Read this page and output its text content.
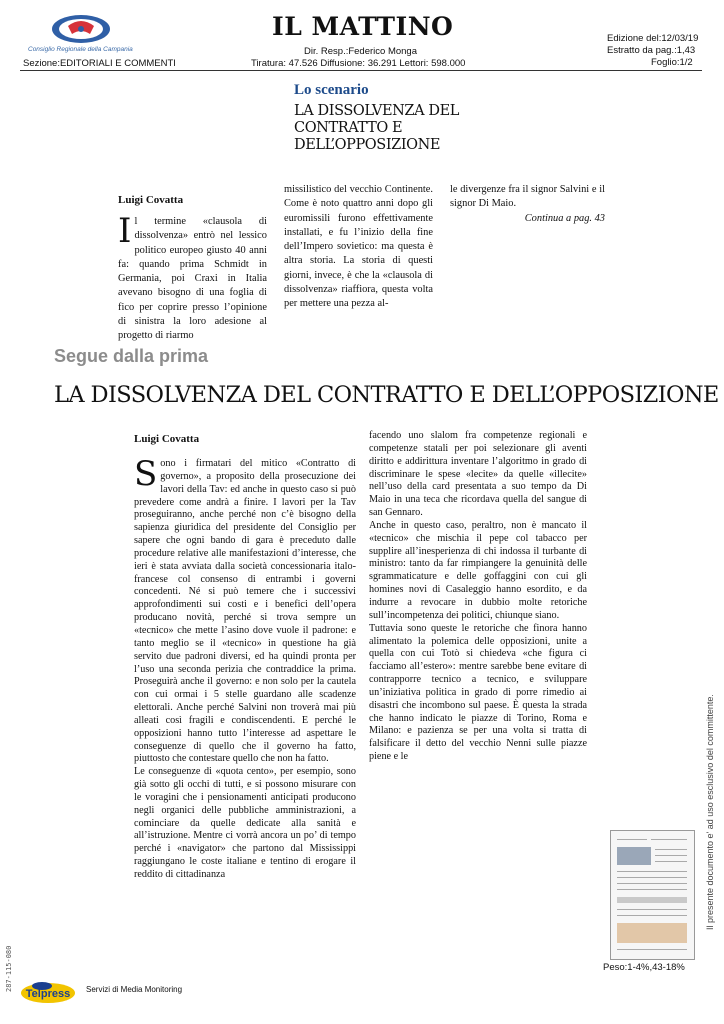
Consiglio Regionale della Campania
IL MATTINO
Dir. Resp.:Federico Monga
Tiratura: 47.526 Diffusione: 36.291 Lettori: 598.000
Edizione del:12/03/19
Estratto da pag.:1,43
Foglio:1/2
Sezione:EDITORIALI E COMMENTI
Lo scenario
LA DISSOLVENZA DEL CONTRATTO E DELL’OPPOSIZIONE
Luigi Covatta
Il termine «clausola di dissolvenza» entrò nel lessico politico europeo giusto 40 anni fa: quando prima Schmidt in Germania, poi Craxi in Italia avevano bisogno di una foglia di fico per coprire presso l’opinione di sinistra la loro adesione al progetto di riarmo
missilistico del vecchio Continente. Come è noto quattro anni dopo gli euromissili furono effettivamente installati, e fu l’inizio della fine dell’Impero sovietico: ma questa è altra storia. La storia di questi giorni, invece, è che la «clausola di dissolvenza» riaffiora, questa volta per mettere una pezza al-
le divergenze fra il signor Salvini e il signor Di Maio.
Continua a pag. 43
Segue dalla prima
LA DISSOLVENZA DEL CONTRATTO E DELL’OPPOSIZIONE
Luigi Covatta

Sono i firmatari del mitico «Contratto di governo», a proposito della prosecuzione dei lavori della Tav: ed anche in questo caso si può prevedere come andrà a finire. I lavori per la Tav proseguiranno, anche perché non c’è bisogno della sapienza giuridica del presidente del Consiglio per sapere che ogni bando di gara è preceduto dalle procedure relative alle manifestazioni d’interesse, che ieri è stata avviata dalla società concessionaria italo-francese col consenso di entrambi i governi concedenti. Né si può temere che i successivi approfondimenti sui costi e i benefici dell’opera producano novità, perché si trova sempre un «tecnico» che mette l’asino dove vuole il padrone: e tanto meglio se il «tecnico» in questione ha già servito due padroni diversi, ed ha quindi pronta per l’uso una seconda perizia che contraddice la prima. Proseguirà anche il governo: e non solo per la cautela con cui ormai i 5 stelle guardano alle scadenze elettorali. Anche perché Salvini non troverà mai più alleati così fragili e condiscendenti. E perché le opposizioni hanno tutto l’interesse ad aspettare le conseguenze di quello che il governo ha fatto, piuttosto che contestare quello che non ha fatto.

Le conseguenze di «quota cento», per esempio, sono già sotto gli occhi di tutti, e si possono misurare con le voragini che i pensionamenti anticipati producono negli organici delle pubbliche amministrazioni, a cominciare da quelle dedicate alla sanità e all’istruzione. Mentre ci vorrà ancora un po’ di tempo perché i «navigator» che partono dal Mississippi raggiungano le coste italiane e tentino di erogare il reddito di cittadinanza

facendo uno slalom fra competenze regionali e competenze statali per poi selezionare gli aventi diritto e addirittura inventare l’algoritmo in grado di discriminare le spese «lecite» da quelle «illecite» nell’uso della card presentata a suo tempo da Di Maio in una teca che ricordava quella del sangue di san Gennaro.

Anche in questo caso, peraltro, non è mancato il «tecnico» che mischia il pepe col tabacco per supplire all’inesperienza di chi indossa il turbante di ministro: tanto da far rimpiangere la genuinità delle sgrammaticature e delle goffaggini con cui gli homines novi di Casaleggio hanno esordito, e da indurre a revocare in dubbio molte retoriche sull’incompetenza dei politici, chiunque siano.

Tuttavia sono queste le retoriche che finora hanno alimentato la polemica delle opposizioni, unite a quella con cui Totò si chiedeva «che figura ci facciamo all’estero»: mentre sarebbe bene evitare di contrapporre tecnico a tecnico, e sviluppare un’iniziativa politica in grado di porre rimedio ai disastri che incombono sul paese. È questa la strada che hanno indicato le piazze di Torino, Roma e Milano: e pazienza se per una volta si tratta di falsificare il detto del vecchio Nenni sulle piazze piene e le

Peso:1-4%,43-18%
Il presente documento e' ad uso esclusivo del committente.
287-115-080
Telpress Servizi di Media Monitoring
